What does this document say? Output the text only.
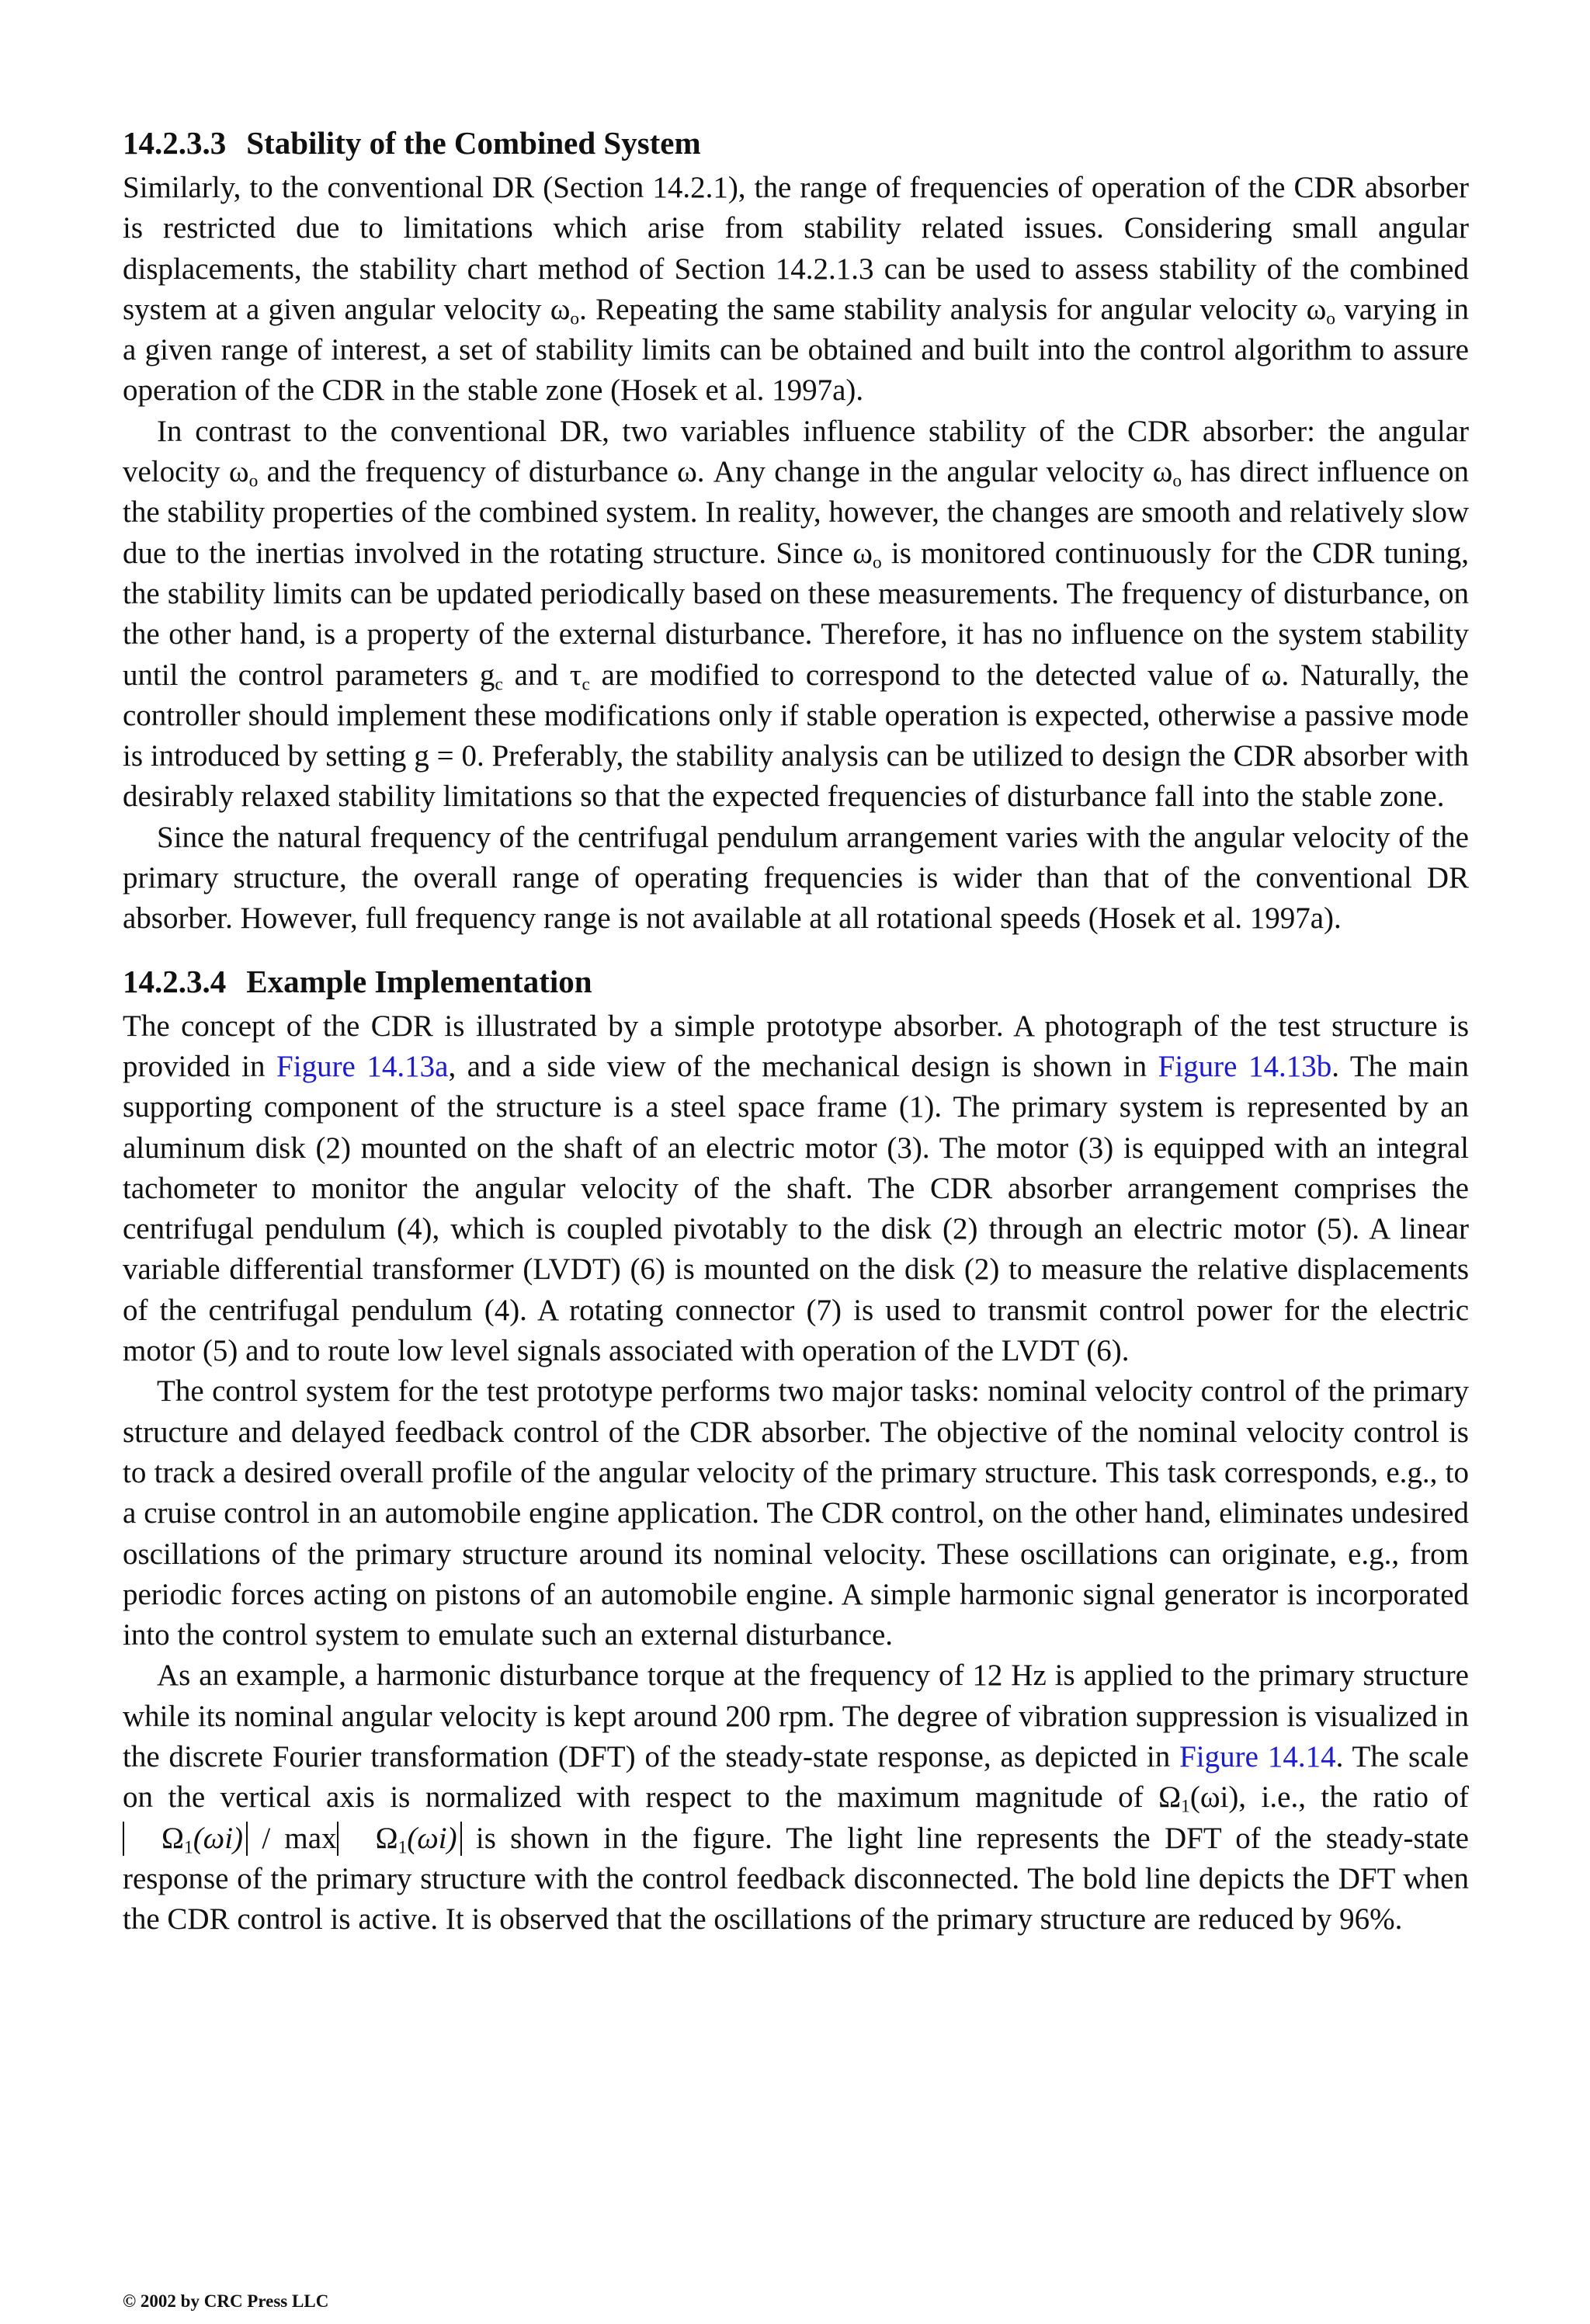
14.2.3.3 Stability of the Combined System

Similarly, to the conventional DR (Section 14.2.1), the range of frequencies of operation of the CDR absorber is restricted due to limitations which arise from stability related issues. Considering small angular displacements, the stability chart method of Section 14.2.1.3 can be used to assess stability of the combined system at a given angular velocity $\omega_o$. Repeating the same stability analysis for angular velocity $\omega_o$ varying in a given range of interest, a set of stability limits can be obtained and built into the control algorithm to assure operation of the CDR in the stable zone (Hosek et al. 1997a).

In contrast to the conventional DR, two variables influence stability of the CDR absorber: the angular velocity $\omega_o$ and the frequency of disturbance ω. Any change in the angular velocity $\omega_o$ has direct influence on the stability properties of the combined system. In reality, however, the changes are smooth and relatively slow due to the inertias involved in the rotating structure. Since $\omega_o$ is monitored continuously for the CDR tuning, the stability limits can be updated periodically based on these measurements. The frequency of disturbance, on the other hand, is a property of the external disturbance. Therefore, it has no influence on the system stability until the control parameters $g_c$ and $\tau_c$ are modified to correspond to the detected value of ω. Naturally, the controller should implement these modifications only if stable operation is expected, otherwise a passive mode is introduced by setting g = 0. Preferably, the stability analysis can be utilized to design the CDR absorber with desirably relaxed stability limitations so that the expected frequencies of disturbance fall into the stable zone.

Since the natural frequency of the centrifugal pendulum arrangement varies with the angular velocity of the primary structure, the overall range of operating frequencies is wider than that of the conventional DR absorber. However, full frequency range is not available at all rotational speeds (Hosek et al. 1997a).

14.2.3.4 Example Implementation

The concept of the CDR is illustrated by a simple prototype absorber. A photograph of the test structure is provided in Figure 14.13a, and a side view of the mechanical design is shown in Figure 14.13b. The main supporting component of the structure is a steel space frame (1). The primary system is represented by an aluminum disk (2) mounted on the shaft of an electric motor (3). The motor (3) is equipped with an integral tachometer to monitor the angular velocity of the shaft. The CDR absorber arrangement comprises the centrifugal pendulum (4), which is coupled pivotably to the disk (2) through an electric motor (5). A linear variable differential transformer (LVDT) (6) is mounted on the disk (2) to measure the relative displacements of the centrifugal pendulum (4). A rotating connector (7) is used to transmit control power for the electric motor (5) and to route low level signals associated with operation of the LVDT (6).

The control system for the test prototype performs two major tasks: nominal velocity control of the primary structure and delayed feedback control of the CDR absorber. The objective of the nominal velocity control is to track a desired overall profile of the angular velocity of the primary structure. This task corresponds, e.g., to a cruise control in an automobile engine application. The CDR control, on the other hand, eliminates undesired oscillations of the primary structure around its nominal velocity. These oscillations can originate, e.g., from periodic forces acting on pistons of an automobile engine. A simple harmonic signal generator is incorporated into the control system to emulate such an external disturbance.

As an example, a harmonic disturbance torque at the frequency of 12 Hz is applied to the primary structure while its nominal angular velocity is kept around 200 rpm. The degree of vibration suppression is visualized in the discrete Fourier transformation (DFT) of the steady-state response, as depicted in Figure 14.14. The scale on the vertical axis is normalized with respect to the maximum magnitude of $\Omega_1(\omega i)$, i.e., the ratio of $\Omega_1(\omega i)$ / $\max \Omega_1(\omega i)$ is shown in the figure. The light line represents the DFT of the steady-state response of the primary structure with the control feedback disconnected. The bold line depicts the DFT when the CDR control is active. It is observed that the oscillations of the primary structure are reduced by 96%.

© 2002 by CRC Press LLC
